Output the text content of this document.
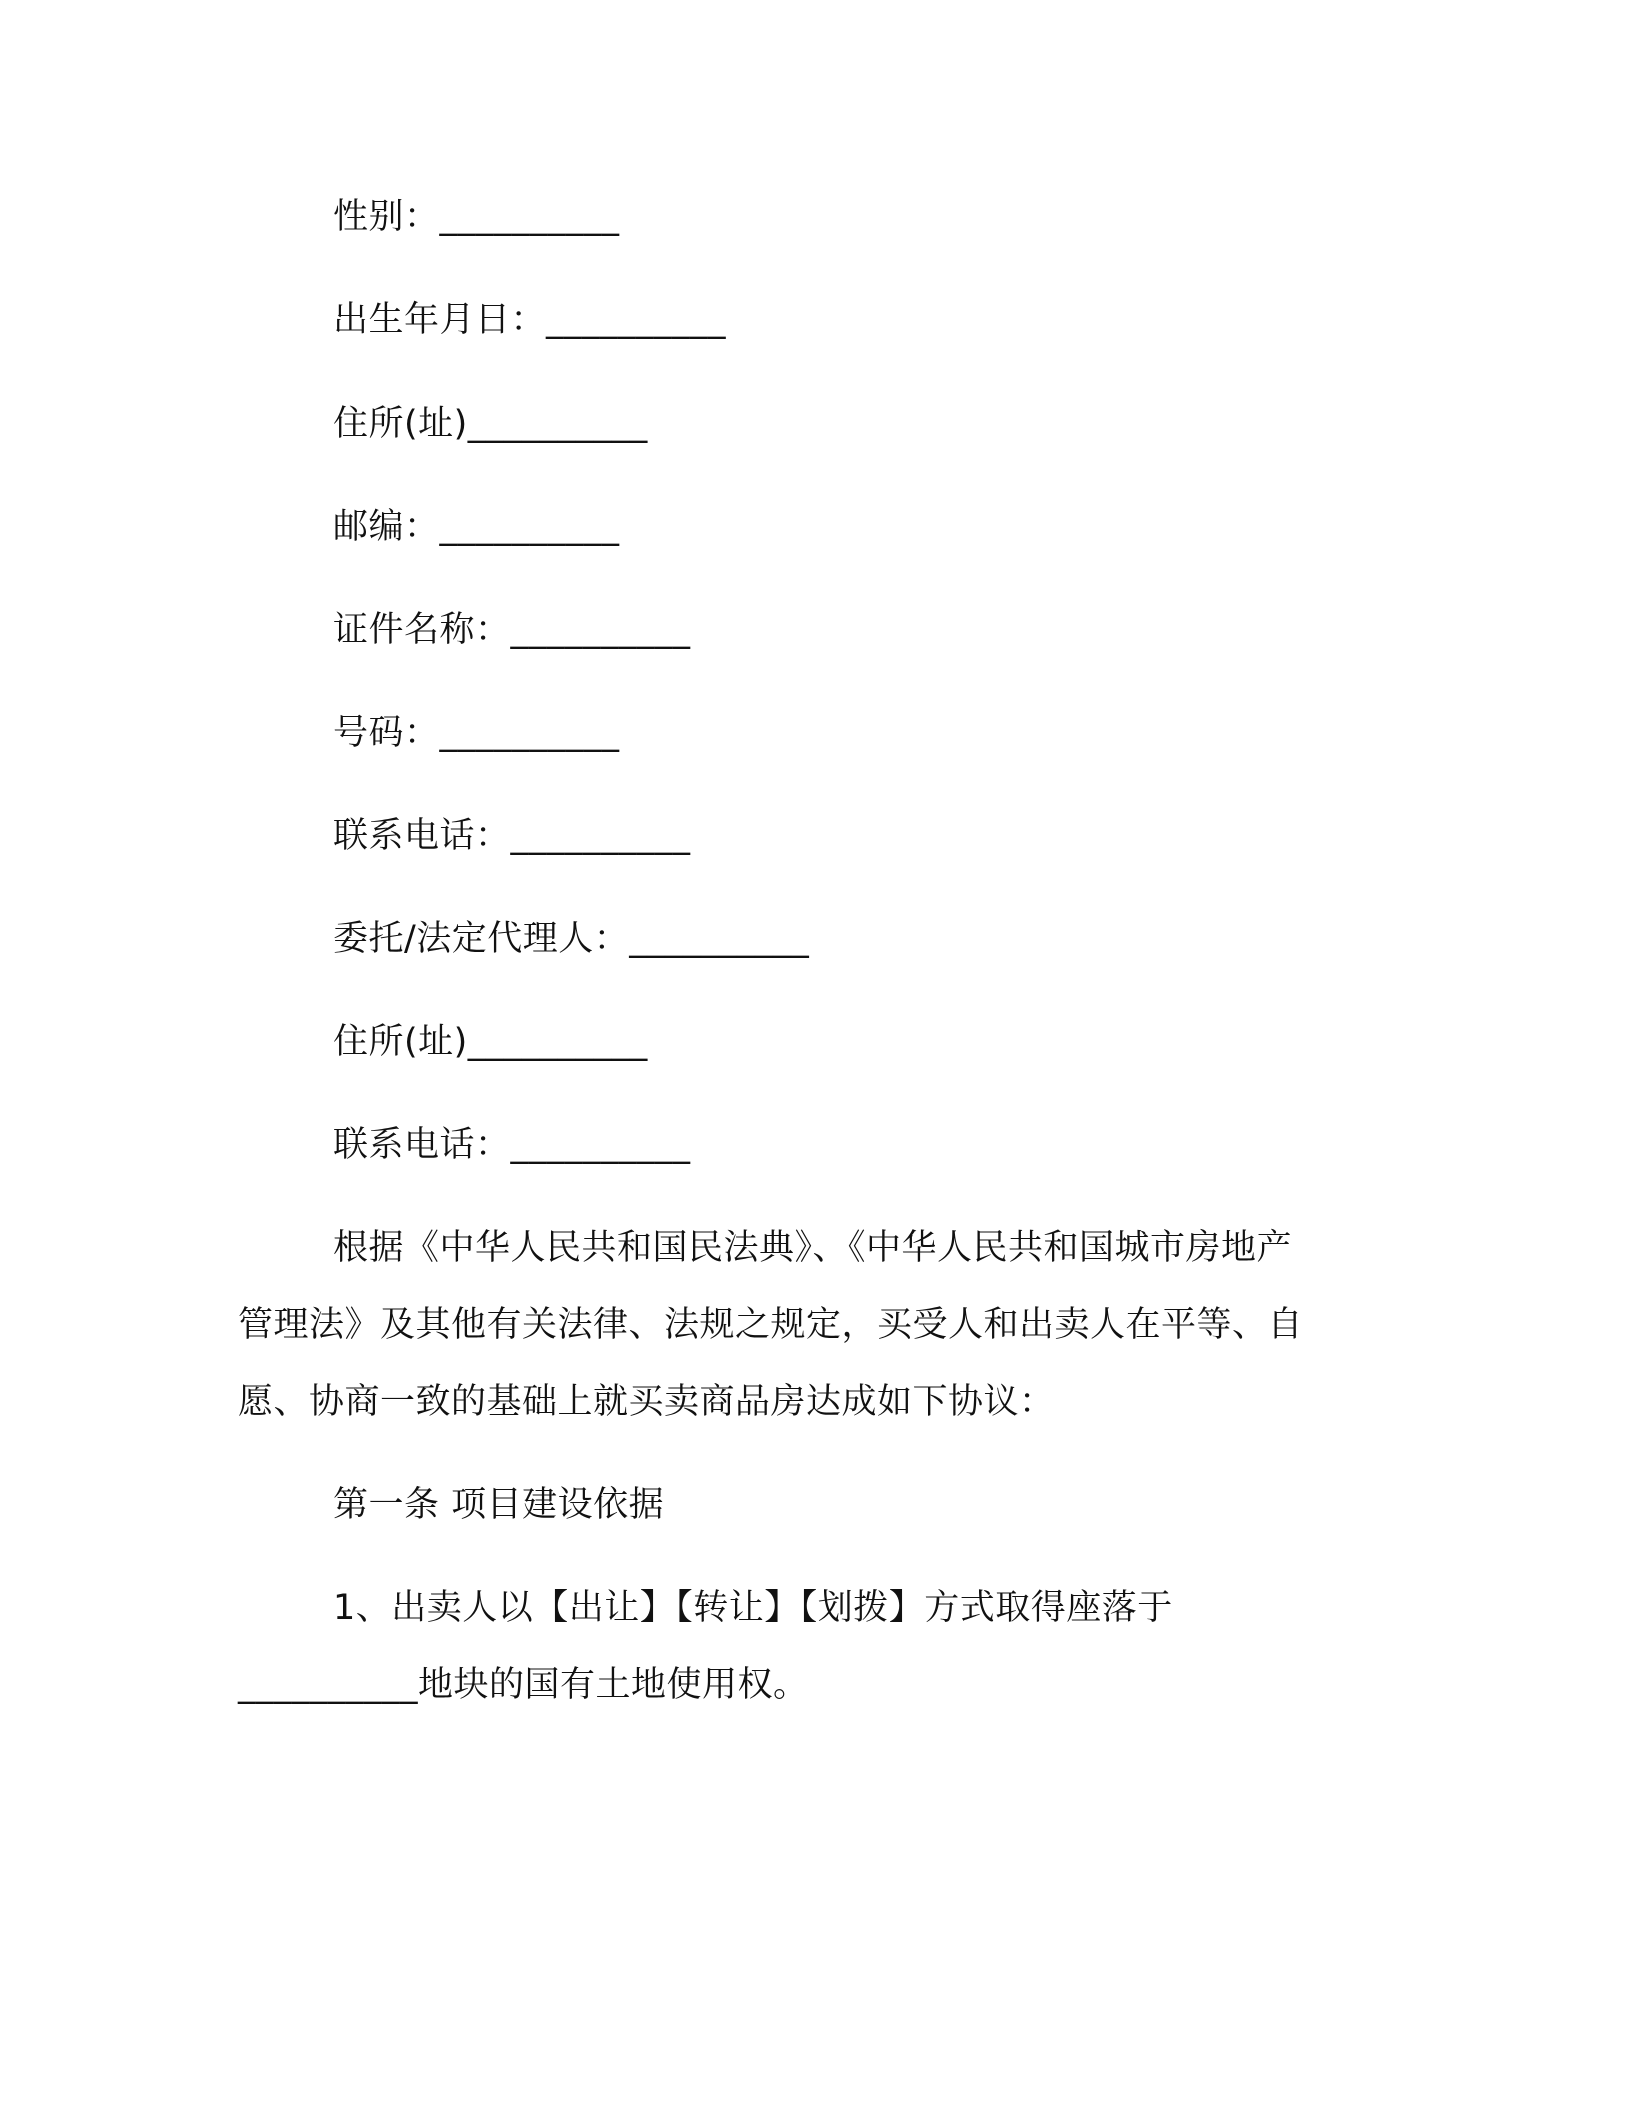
性别：__________
出生年月日：__________
住所(址)__________
邮编：__________
证件名称：__________
号码：__________
联系电话：__________
委托/法定代理人：__________
住所(址)__________
联系电话：__________
根据《中华人民共和国民法典》、《中华人民共和国城市房地产
管理法》及其他有关法律、法规之规定，买受人和出卖人在平等、自
愿、协商一致的基础上就买卖商品房达成如下协议：
第一条 项目建设依据
1、出卖人以【出让】【转让】【划拨】方式取得座落于
__________地块的国有土地使用权。
